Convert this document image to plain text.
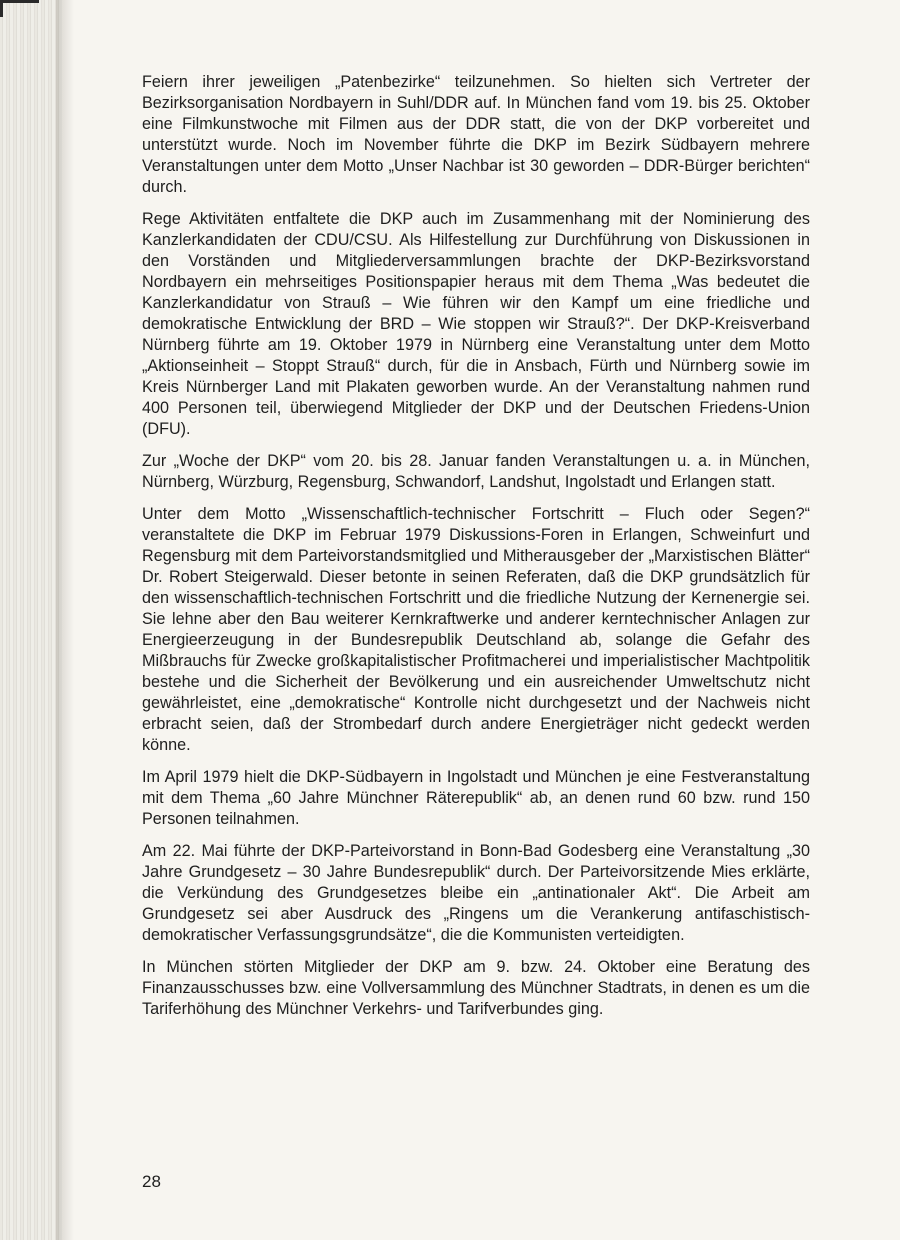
Feiern ihrer jeweiligen „Patenbezirke“ teilzunehmen. So hielten sich Vertreter der Bezirksorganisation Nordbayern in Suhl/DDR auf. In München fand vom 19. bis 25. Oktober eine Filmkunstwoche mit Filmen aus der DDR statt, die von der DKP vorbereitet und unterstützt wurde. Noch im November führte die DKP im Bezirk Südbayern mehrere Veranstaltungen unter dem Motto „Unser Nachbar ist 30 geworden – DDR-Bürger berichten“ durch.

Rege Aktivitäten entfaltete die DKP auch im Zusammenhang mit der Nominierung des Kanzlerkandidaten der CDU/CSU. Als Hilfestellung zur Durchführung von Diskussionen in den Vorständen und Mitgliederversammlungen brachte der DKP-Bezirksvorstand Nordbayern ein mehrseitiges Positionspapier heraus mit dem Thema „Was bedeutet die Kanzlerkandidatur von Strauß – Wie führen wir den Kampf um eine friedliche und demokratische Entwicklung der BRD – Wie stoppen wir Strauß?“. Der DKP-Kreisverband Nürnberg führte am 19. Oktober 1979 in Nürnberg eine Veranstaltung unter dem Motto „Aktionseinheit – Stoppt Strauß“ durch, für die in Ansbach, Fürth und Nürnberg sowie im Kreis Nürnberger Land mit Plakaten geworben wurde. An der Veranstaltung nahmen rund 400 Personen teil, überwiegend Mitglieder der DKP und der Deutschen Friedens-Union (DFU).

Zur „Woche der DKP“ vom 20. bis 28. Januar fanden Veranstaltungen u. a. in München, Nürnberg, Würzburg, Regensburg, Schwandorf, Landshut, Ingolstadt und Erlangen statt.

Unter dem Motto „Wissenschaftlich-technischer Fortschritt – Fluch oder Segen?“ veranstaltete die DKP im Februar 1979 Diskussions-Foren in Erlangen, Schweinfurt und Regensburg mit dem Parteivorstandsmitglied und Mitherausgeber der „Marxistischen Blätter“ Dr. Robert Steigerwald. Dieser betonte in seinen Referaten, daß die DKP grundsätzlich für den wissenschaftlich-technischen Fortschritt und die friedliche Nutzung der Kernenergie sei. Sie lehne aber den Bau weiterer Kernkraftwerke und anderer kerntechnischer Anlagen zur Energieerzeugung in der Bundesrepublik Deutschland ab, solange die Gefahr des Mißbrauchs für Zwecke großkapitalistischer Profitmacherei und imperialistischer Machtpolitik bestehe und die Sicherheit der Bevölkerung und ein ausreichender Umweltschutz nicht gewährleistet, eine „demokratische“ Kontrolle nicht durchgesetzt und der Nachweis nicht erbracht seien, daß der Strombedarf durch andere Energieträger nicht gedeckt werden könne.

Im April 1979 hielt die DKP-Südbayern in Ingolstadt und München je eine Festveranstaltung mit dem Thema „60 Jahre Münchner Räterepublik“ ab, an denen rund 60 bzw. rund 150 Personen teilnahmen.

Am 22. Mai führte der DKP-Parteivorstand in Bonn-Bad Godesberg eine Veranstaltung „30 Jahre Grundgesetz – 30 Jahre Bundesrepublik“ durch. Der Parteivorsitzende Mies erklärte, die Verkündung des Grundgesetzes bleibe ein „antinationaler Akt“. Die Arbeit am Grundgesetz sei aber Ausdruck des „Ringens um die Verankerung antifaschistisch-demokratischer Verfassungsgrundsätze“, die die Kommunisten verteidigten.

In München störten Mitglieder der DKP am 9. bzw. 24. Oktober eine Beratung des Finanzausschusses bzw. eine Vollversammlung des Münchner Stadtrats, in denen es um die Tariferhöhung des Münchner Verkehrs- und Tarifverbundes ging.

28
